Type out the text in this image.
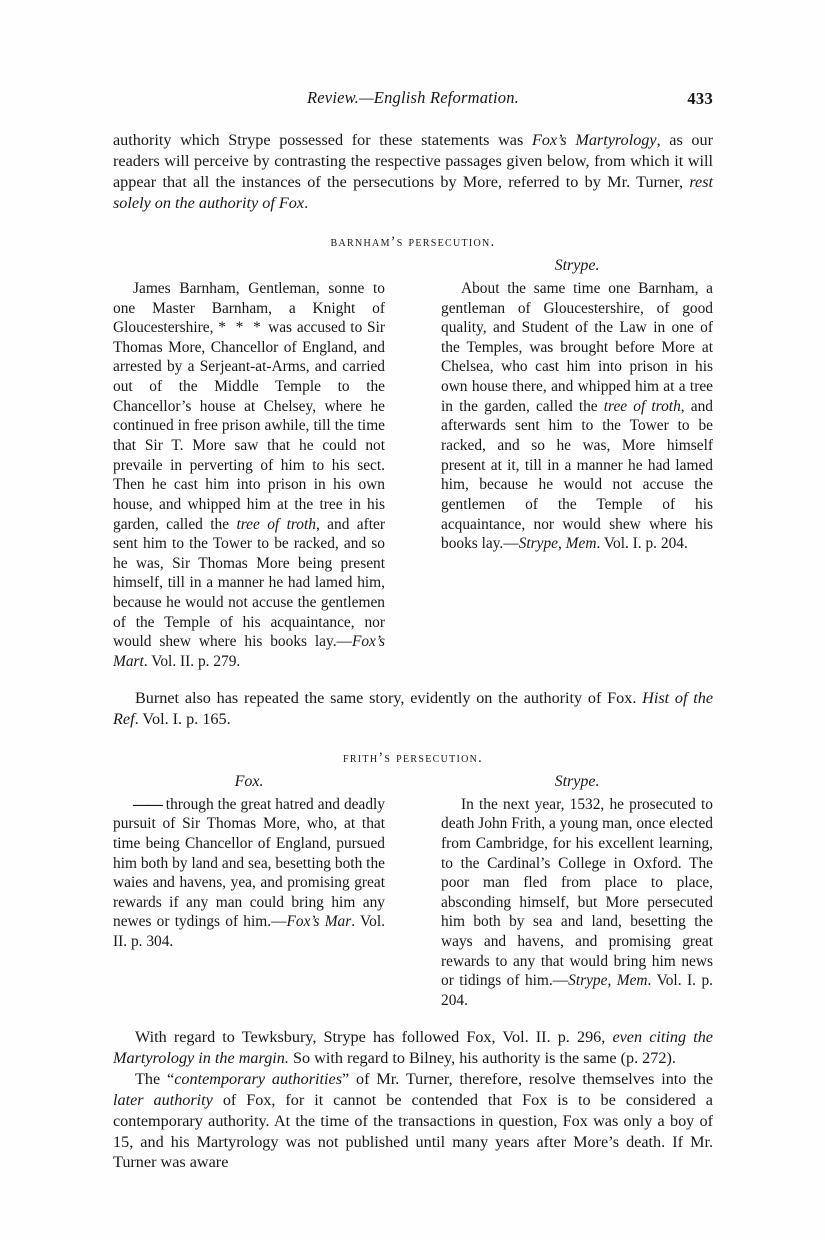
Review.—English Reformation.	433

authority which Strype possessed for these statements was Fox’s Martyrology, as our readers will perceive by contrasting the respective passages given below, from which it will appear that all the instances of the persecutions by More, referred to by Mr. Turner, rest solely on the authority of Fox.

barnham’s persecution.

James Barnham, Gentleman, sonne to one Master Barnham, a Knight of Gloucestershire, * * * was accused to Sir Thomas More, Chancellor of England, and arrested by a Serjeant-at-Arms, and carried out of the Middle Temple to the Chancellor’s house at Chelsey, where he continued in free prison awhile, till the time that Sir T. More saw that he could not prevaile in perverting of him to his sect. Then he cast him into prison in his own house, and whipped him at the tree in his garden, called the tree of troth, and after sent him to the Tower to be racked, and so he was, Sir Thomas More being present himself, till in a manner he had lamed him, because he would not accuse the gentlemen of the Temple of his acquaintance, nor would shew where his books lay.—Fox’s Mart. Vol. II. p. 279.

Strype.

About the same time one Barnham, a gentleman of Gloucestershire, of good quality, and Student of the Law in one of the Temples, was brought before More at Chelsea, who cast him into prison in his own house there, and whipped him at a tree in the garden, called the tree of troth, and afterwards sent him to the Tower to be racked, and so he was, More himself present at it, till in a manner he had lamed him, because he would not accuse the gentlemen of the Temple of his acquaintance, nor would shew where his books lay.—Strype, Mem. Vol. I. p. 204.

Burnet also has repeated the same story, evidently on the authority of Fox. Hist of the Ref. Vol. I. p. 165.

frith’s persecution.
Fox.

—— through the great hatred and deadly pursuit of Sir Thomas More, who, at that time being Chancellor of England, pursued him both by land and sea, besetting both the waies and havens, yea, and promising great rewards if any man could bring him any newes or tydings of him.—Fox’s Mar. Vol. II. p. 304.

Strype.

In the next year, 1532, he prosecuted to death John Frith, a young man, once elected from Cambridge, for his excellent learning, to the Cardinal’s College in Oxford. The poor man fled from place to place, absconding himself, but More persecuted him both by sea and land, besetting the ways and havens, and promising great rewards to any that would bring him news or tidings of him.—Strype, Mem. Vol. I. p. 204.

With regard to Tewksbury, Strype has followed Fox, Vol. II. p. 296, even citing the Martyrology in the margin. So with regard to Bilney, his authority is the same (p. 272).

The “contemporary authorities” of Mr. Turner, therefore, resolve themselves into the later authority of Fox, for it cannot be contended that Fox is to be considered a contemporary authority. At the time of the transactions in question, Fox was only a boy of 15, and his Martyrology was not published until many years after More’s death. If Mr. Turner was aware
